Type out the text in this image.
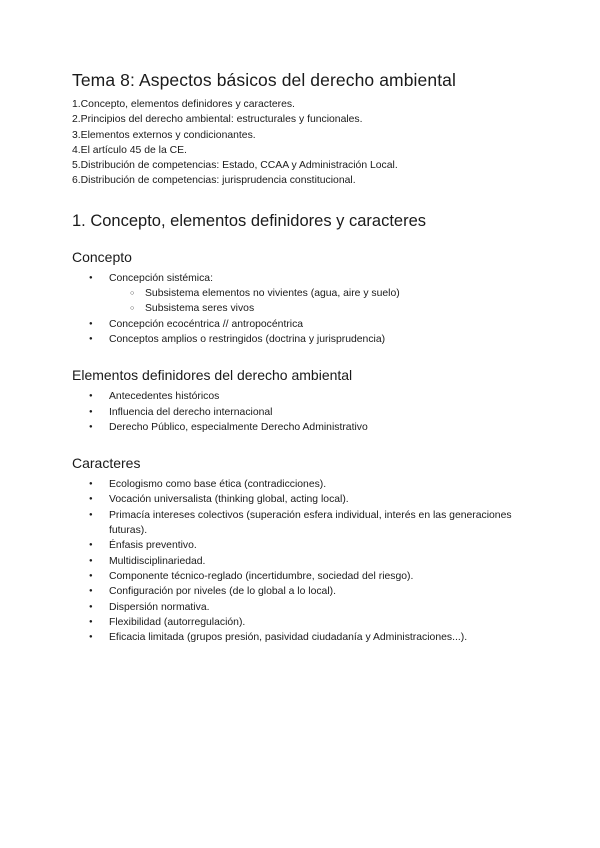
Tema 8: Aspectos básicos del derecho ambiental
1.Concepto, elementos definidores y caracteres.
2.Principios del derecho ambiental: estructurales y funcionales.
3.Elementos externos y condicionantes.
4.El artículo 45 de la CE.
5.Distribución de competencias: Estado, CCAA y Administración Local.
6.Distribución de competencias: jurisprudencia constitucional.
1. Concepto, elementos definidores y caracteres
Concepto
● Concepción sistémica:
○ Subsistema elementos no vivientes (agua, aire y suelo)
○ Subsistema seres vivos
● Concepción ecocéntrica // antropocéntrica
● Conceptos amplios o restringidos (doctrina y jurisprudencia)
Elementos definidores del derecho ambiental
● Antecedentes históricos
● Influencia del derecho internacional
● Derecho Público, especialmente Derecho Administrativo
Caracteres
● Ecologismo como base ética (contradicciones).
● Vocación universalista (thinking global, acting local).
● Primacía intereses colectivos (superación esfera individual, interés en las generaciones futuras).
● Énfasis preventivo.
● Multidisciplinariedad.
● Componente técnico-reglado (incertidumbre, sociedad del riesgo).
● Configuración por niveles (de lo global a lo local).
● Dispersión normativa.
● Flexibilidad (autorregulación).
● Eficacia limitada (grupos presión, pasividad ciudadanía y Administraciones...).
